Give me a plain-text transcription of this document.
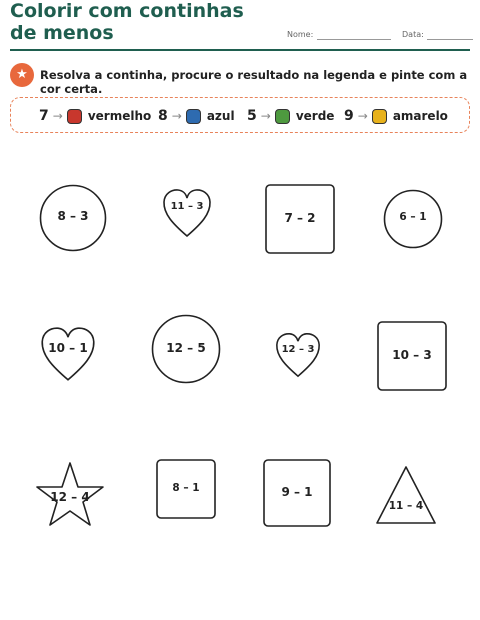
Colorir com continhas de menos	Nome:	Data:
★	Resolva a continha, procure o resultado na legenda e pinte com a cor certa.
7 → vermelho 8 → azul 5 → verde 9 → amarelo
8 – 3
11 – 3
7 – 2	6 – 1
10 – 1	12 – 5	12 – 3	10 – 3
12 – 4
8 – 1	9 – 1
11 – 4
